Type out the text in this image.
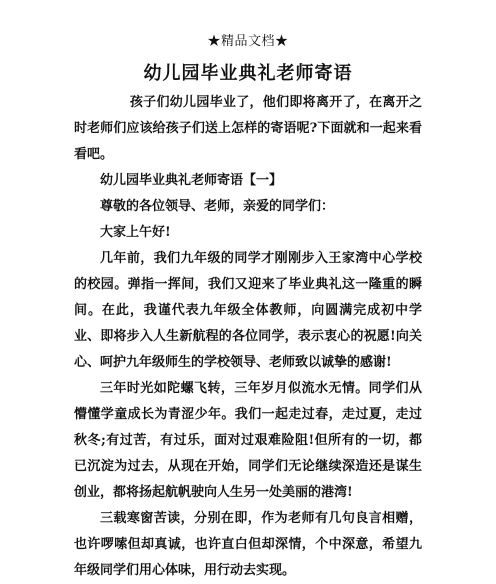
★精品文档★
幼儿园毕业典礼老师寄语

孩子们幼儿园毕业了，他们即将离开了，在离开之时老师们应该给孩子们送上怎样的寄语呢?下面就和一起来看看吧。

幼儿园毕业典礼老师寄语【一】

尊敬的各位领导、老师，亲爱的同学们：

大家上午好!

几年前，我们九年级的同学才刚刚步入王家湾中心学校的校园。弹指一挥间，我们又迎来了毕业典礼这一隆重的瞬间。在此，我谨代表九年级全体教师，向圆满完成初中学业、即将步入人生新航程的各位同学，表示衷心的祝愿!向关心、呵护九年级师生的学校领导、老师致以诚挚的感谢!

三年时光如陀螺飞转，三年岁月似流水无情。同学们从懵懂学童成长为青涩少年。我们一起走过春，走过夏，走过秋冬;有过苦，有过乐，面对过艰难险阻!但所有的一切，都已沉淀为过去，从现在开始，同学们无论继续深造还是谋生创业，都将扬起航帆驶向人生另一处美丽的港湾!

三载寒窗苦读，分别在即，作为老师有几句良言相赠，也许啰嗦但却真诚，也许直白但却深情，个中深意，希望九年级同学们用心体味，用行动去实现。
